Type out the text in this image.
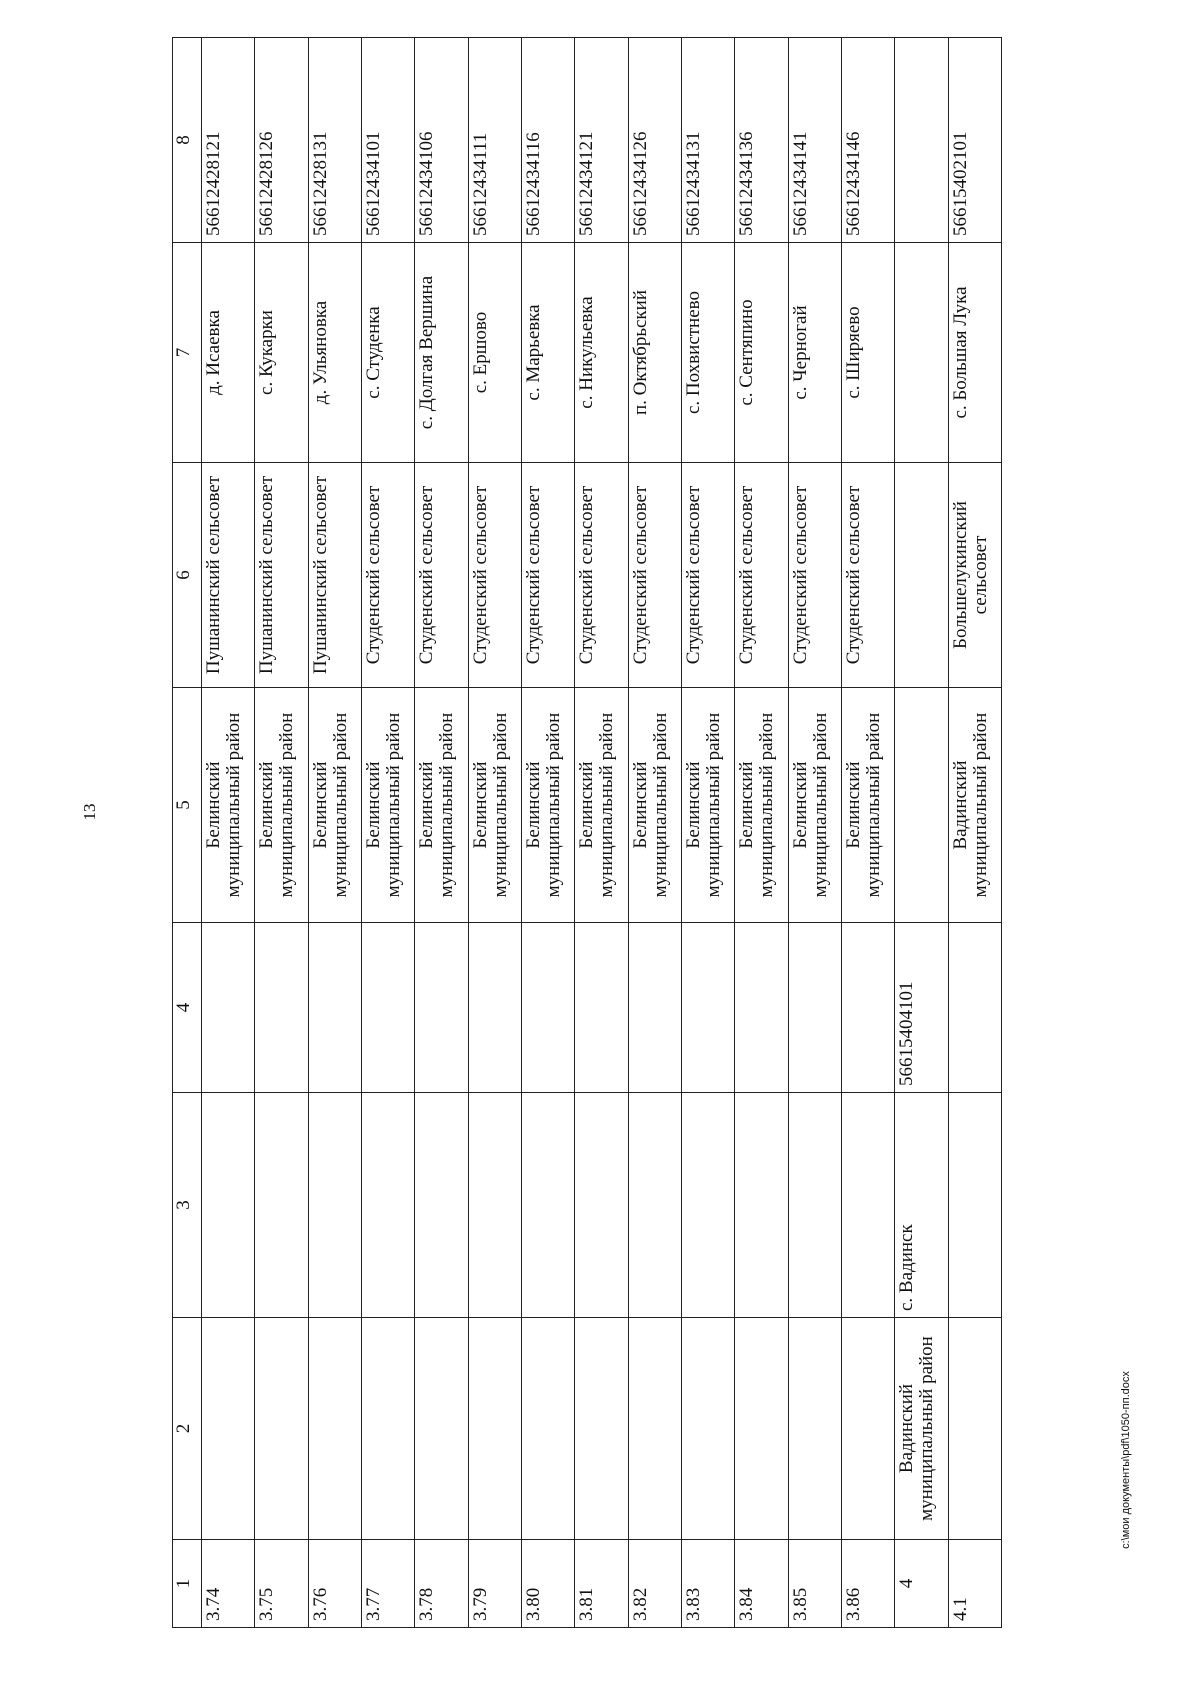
13
1	2	3	4	5	6	7	8
3.74				Белинский муниципальный район	Пушанинский сельсовет	д. Исаевка	56612428121
3.75				Белинский муниципальный район	Пушанинский сельсовет	с. Кукарки	56612428126
3.76				Белинский муниципальный район	Пушанинский сельсовет	д. Ульяновка	56612428131
3.77				Белинский муниципальный район	Студенский сельсовет	с. Студенка	56612434101
3.78				Белинский муниципальный район	Студенский сельсовет	с. Долгая Вершина	56612434106
3.79				Белинский муниципальный район	Студенский сельсовет	с. Ершово	56612434111
3.80				Белинский муниципальный район	Студенский сельсовет	с. Марьевка	56612434116
3.81				Белинский муниципальный район	Студенский сельсовет	с. Никульевка	56612434121
3.82				Белинский муниципальный район	Студенский сельсовет	п. Октябрьский	56612434126
3.83				Белинский муниципальный район	Студенский сельсовет	с. Похвистнево	56612434131
3.84				Белинский муниципальный район	Студенский сельсовет	с. Сентяпино	56612434136
3.85				Белинский муниципальный район	Студенский сельсовет	с. Черногай	56612434141
3.86				Белинский муниципальный район	Студенский сельсовет	с. Ширяево	56612434146
4	Вадинский муниципальный район	с. Вадинск	56615404101				
4.1				Вадинский муниципальный район	Большелукинский сельсовет	с. Большая Лука	56615402101
c:\мои документы\pdf\1050-пп.docx
